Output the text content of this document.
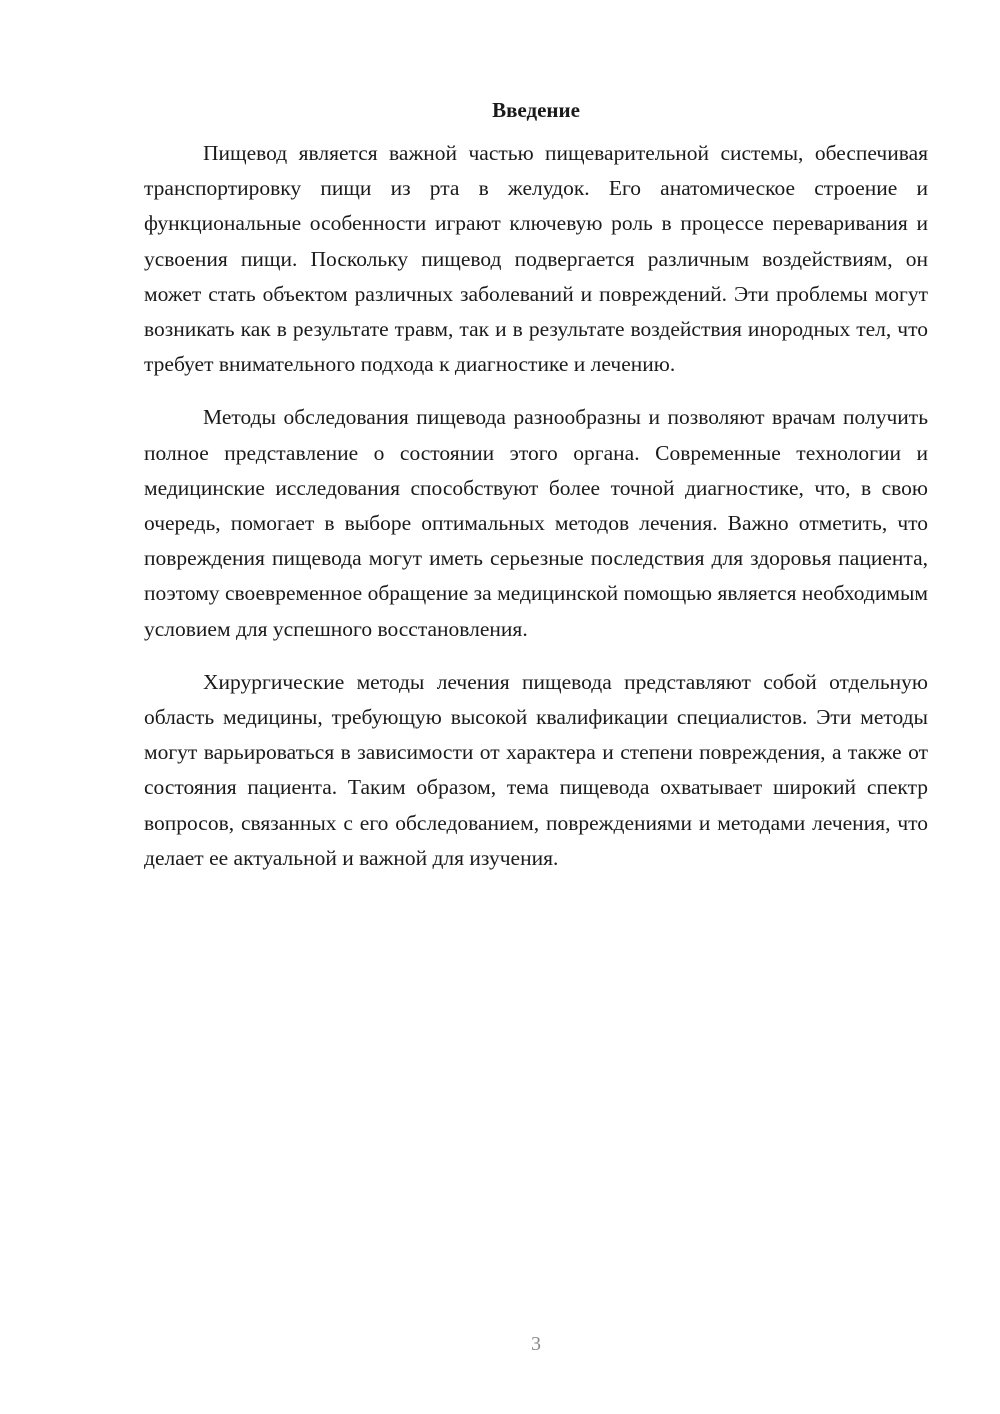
Введение

Пищевод является важной частью пищеварительной системы, обеспечивая транспортировку пищи из рта в желудок. Его анатомическое строение и функциональные особенности играют ключевую роль в процессе переваривания и усвоения пищи. Поскольку пищевод подвергается различным воздействиям, он может стать объектом различных заболеваний и повреждений. Эти проблемы могут возникать как в результате травм, так и в результате воздействия инородных тел, что требует внимательного подхода к диагностике и лечению.

Методы обследования пищевода разнообразны и позволяют врачам получить полное представление о состоянии этого органа. Современные технологии и медицинские исследования способствуют более точной диагностике, что, в свою очередь, помогает в выборе оптимальных методов лечения. Важно отметить, что повреждения пищевода могут иметь серьезные последствия для здоровья пациента, поэтому своевременное обращение за медицинской помощью является необходимым условием для успешного восстановления.

Хирургические методы лечения пищевода представляют собой отдельную область медицины, требующую высокой квалификации специалистов. Эти методы могут варьироваться в зависимости от характера и степени повреждения, а также от состояния пациента. Таким образом, тема пищевода охватывает широкий спектр вопросов, связанных с его обследованием, повреждениями и методами лечения, что делает ее актуальной и важной для изучения.

3
